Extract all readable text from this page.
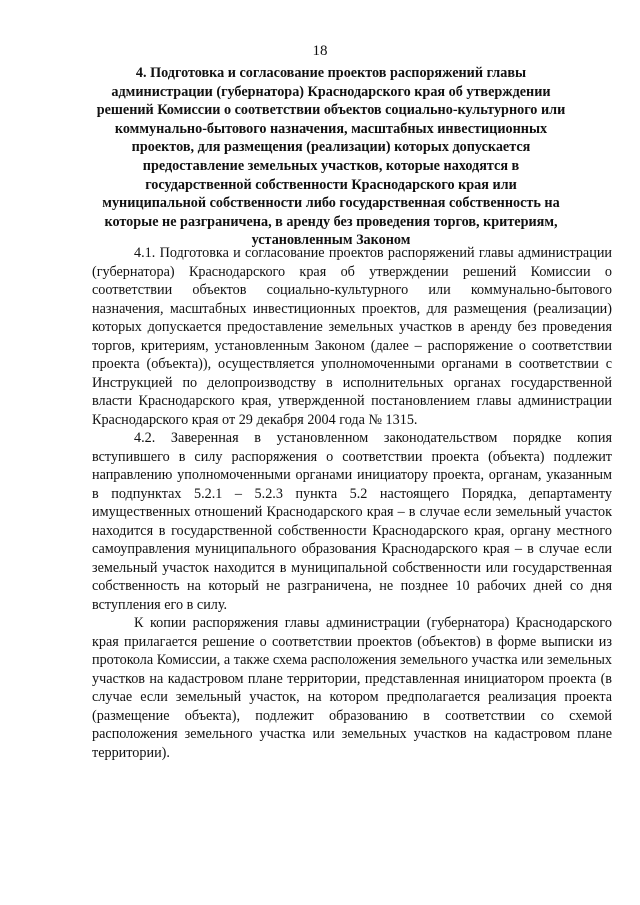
18
4. Подготовка и согласование проектов распоряжений главы администрации (губернатора) Краснодарского края об утверждении решений Комиссии о соответствии объектов социально-культурного или коммунально-бытового назначения, масштабных инвестиционных проектов, для размещения (реализации) которых допускается предоставление земельных участков, которые находятся в государственной собственности Краснодарского края или муниципальной собственности либо государственная собственность на которые не разграничена, в аренду без проведения торгов, критериям, установленным Законом

4.1. Подготовка и согласование проектов распоряжений главы администрации (губернатора) Краснодарского края об утверждении решений Комиссии о соответствии объектов социально-культурного или коммунально-бытового назначения, масштабных инвестиционных проектов, для размещения (реализации) которых допускается предоставление земельных участков в аренду без проведения торгов, критериям, установленным Законом (далее – распоряжение о соответствии проекта (объекта)), осуществляется уполномоченными органами в соответствии с Инструкцией по делопроизводству в исполнительных органах государственной власти Краснодарского края, утвержденной постановлением главы администрации Краснодарского края от 29 декабря 2004 года № 1315.

4.2. Заверенная в установленном законодательством порядке копия вступившего в силу распоряжения о соответствии проекта (объекта) подлежит направлению уполномоченными органами инициатору проекта, органам, указанным в подпунктах 5.2.1 – 5.2.3 пункта 5.2 настоящего Порядка, департаменту имущественных отношений Краснодарского края – в случае если земельный участок находится в государственной собственности Краснодарского края, органу местного самоуправления муниципального образования Краснодарского края – в случае если земельный участок находится в муниципальной собственности или государственная собственность на который не разграничена, не позднее 10 рабочих дней со дня вступления его в силу.

К копии распоряжения главы администрации (губернатора) Краснодарского края прилагается решение о соответствии проектов (объектов) в форме выписки из протокола Комиссии, а также схема расположения земельного участка или земельных участков на кадастровом плане территории, представленная инициатором проекта (в случае если земельный участок, на котором предполагается реализация проекта (размещение объекта), подлежит образованию в соответствии со схемой расположения земельного участка или земельных участков на кадастровом плане территории).
